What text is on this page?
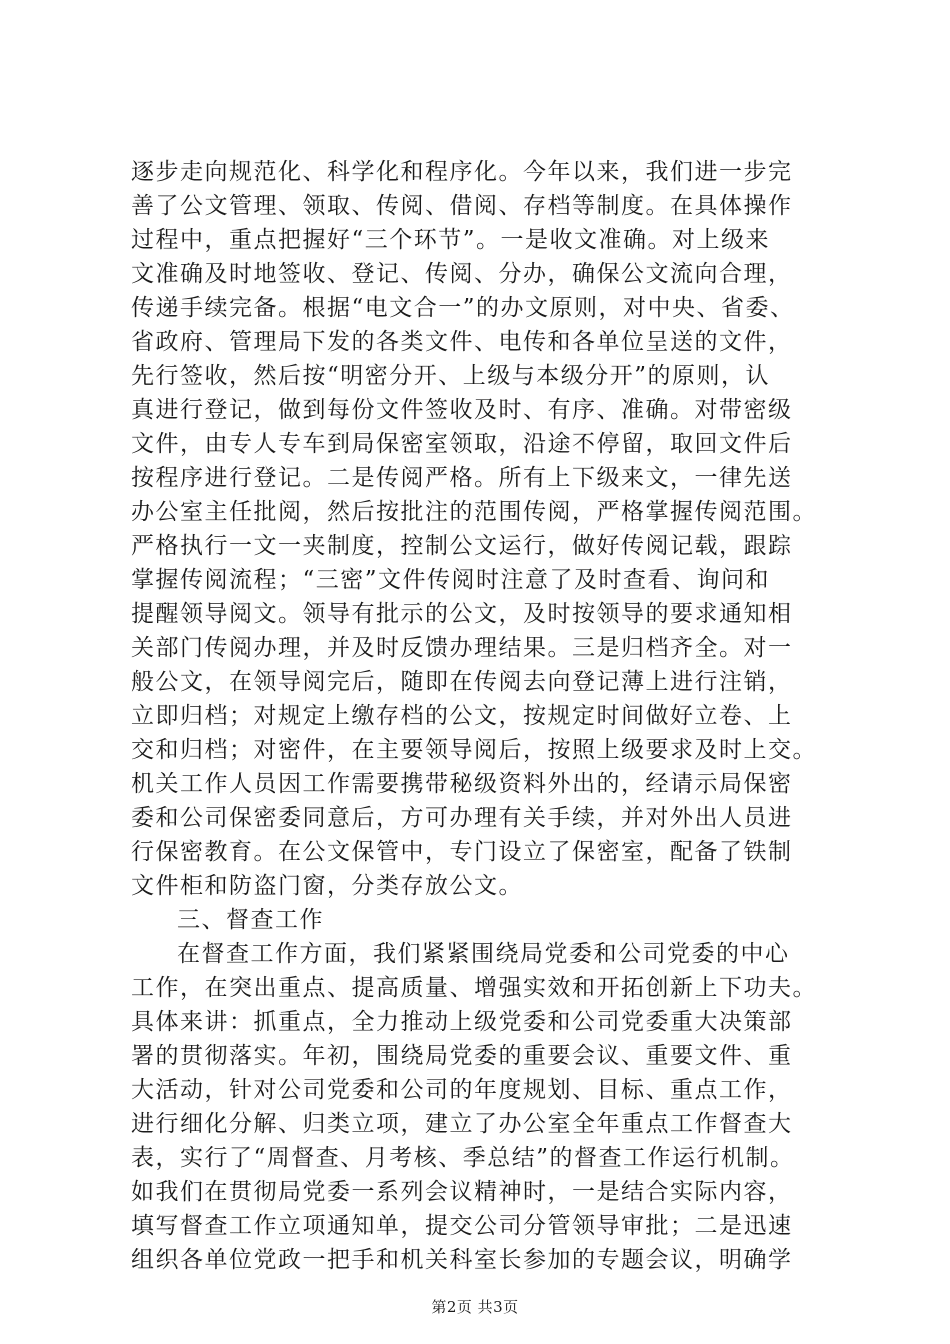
逐步走向规范化、科学化和程序化。今年以来，我们进一步完
善了公文管理、领取、传阅、借阅、存档等制度。在具体操作
过程中，重点把握好“三个环节”。一是收文准确。对上级来
文准确及时地签收、登记、传阅、分办，确保公文流向合理，
传递手续完备。根据“电文合一”的办文原则，对中央、省委、
省政府、管理局下发的各类文件、电传和各单位呈送的文件，
先行签收，然后按“明密分开、上级与本级分开”的原则，认
真进行登记，做到每份文件签收及时、有序、准确。对带密级
文件，由专人专车到局保密室领取，沿途不停留，取回文件后
按程序进行登记。二是传阅严格。所有上下级来文，一律先送
办公室主任批阅，然后按批注的范围传阅，严格掌握传阅范围。
严格执行一文一夹制度，控制公文运行，做好传阅记载，跟踪
掌握传阅流程；“三密”文件传阅时注意了及时查看、询问和
提醒领导阅文。领导有批示的公文，及时按领导的要求通知相
关部门传阅办理，并及时反馈办理结果。三是归档齐全。对一
般公文，在领导阅完后，随即在传阅去向登记薄上进行注销，
立即归档；对规定上缴存档的公文，按规定时间做好立卷、上
交和归档；对密件，在主要领导阅后，按照上级要求及时上交。
机关工作人员因工作需要携带秘级资料外出的，经请示局保密
委和公司保密委同意后，方可办理有关手续，并对外出人员进
行保密教育。在公文保管中，专门设立了保密室，配备了铁制
文件柜和防盗门窗，分类存放公文。
三、督查工作
在督查工作方面，我们紧紧围绕局党委和公司党委的中心
工作，在突出重点、提高质量、增强实效和开拓创新上下功夫。
具体来讲：抓重点，全力推动上级党委和公司党委重大决策部
署的贯彻落实。年初，围绕局党委的重要会议、重要文件、重
大活动，针对公司党委和公司的年度规划、目标、重点工作，
进行细化分解、归类立项，建立了办公室全年重点工作督查大
表，实行了“周督查、月考核、季总结”的督查工作运行机制。
如我们在贯彻局党委一系列会议精神时，一是结合实际内容，
填写督查工作立项通知单，提交公司分管领导审批；二是迅速
组织各单位党政一把手和机关科室长参加的专题会议，明确学
第2页 共3页
